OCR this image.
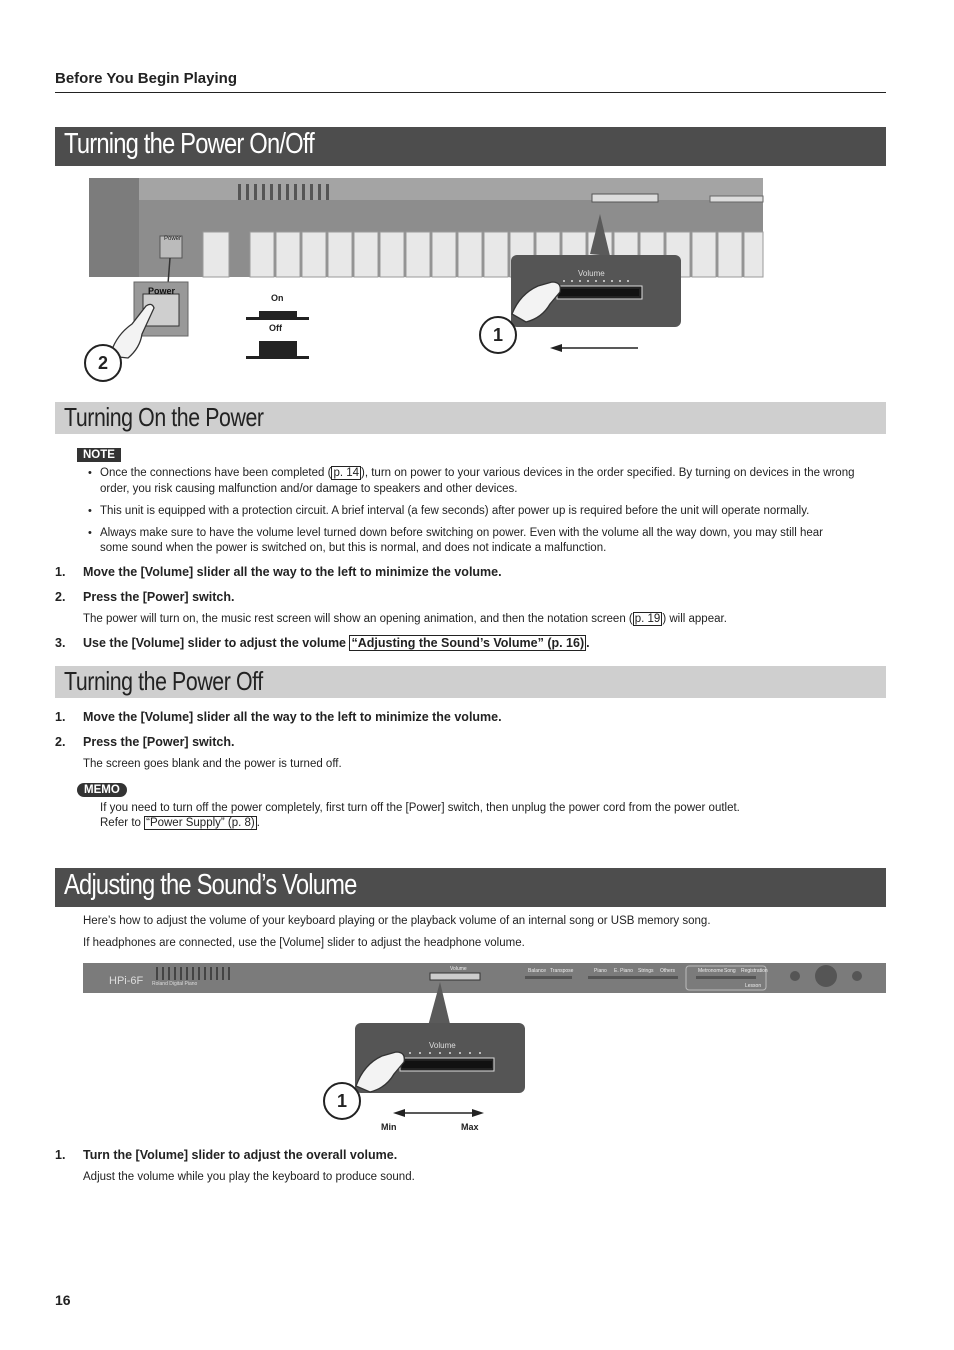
Before You Begin Playing
Turning the Power On/Off
Power
Power
On
Off
Volume
1
2
Turning On the Power
NOTE
• Once the connections have been completed ( p. 14 ), turn on power to your various devices in the order specified. By turning on devices in the wrong
order, you risk causing malfunction and/or damage to speakers and other devices.
• This unit is equipped with a protection circuit. A brief interval (a few seconds) after power up is required before the unit will operate normally.
• Always make sure to have the volume level turned down before switching on power. Even with the volume all the way down, you may still hear
some sound when the power is switched on, but this is normal, and does not indicate a malfunction.
1. Move the [Volume] slider all the way to the left to minimize the volume.
2. Press the [Power] switch.
The power will turn on, the music rest screen will show an opening animation, and then the notation screen ( p. 19 ) will appear.
3. Use the [Volume] slider to adjust the volume “Adjusting the Sound’s Volume” (p. 16) .
Turning the Power Off
1. Move the [Volume] slider all the way to the left to minimize the volume.
2. Press the [Power] switch.
The screen goes blank and the power is turned off.
MEMO
If you need to turn off the power completely, first turn off the [Power] switch, then unplug the power cord from the power outlet.
Refer to “Power Supply” (p. 8) .
Adjusting the Sound’s Volume
Here’s how to adjust the volume of your keyboard playing or the playback volume of an internal song or USB memory song.
If headphones are connected, use the [Volume] slider to adjust the headphone volume.
HPi-6F Roland Digital Piano
Volume	Balance Transpose	Piano E. Piano Strings Others	Metronome Song Registration
Lesson
Volume
1
Min	Max
1. Turn the [Volume] slider to adjust the overall volume.
Adjust the volume while you play the keyboard to produce sound.
16
